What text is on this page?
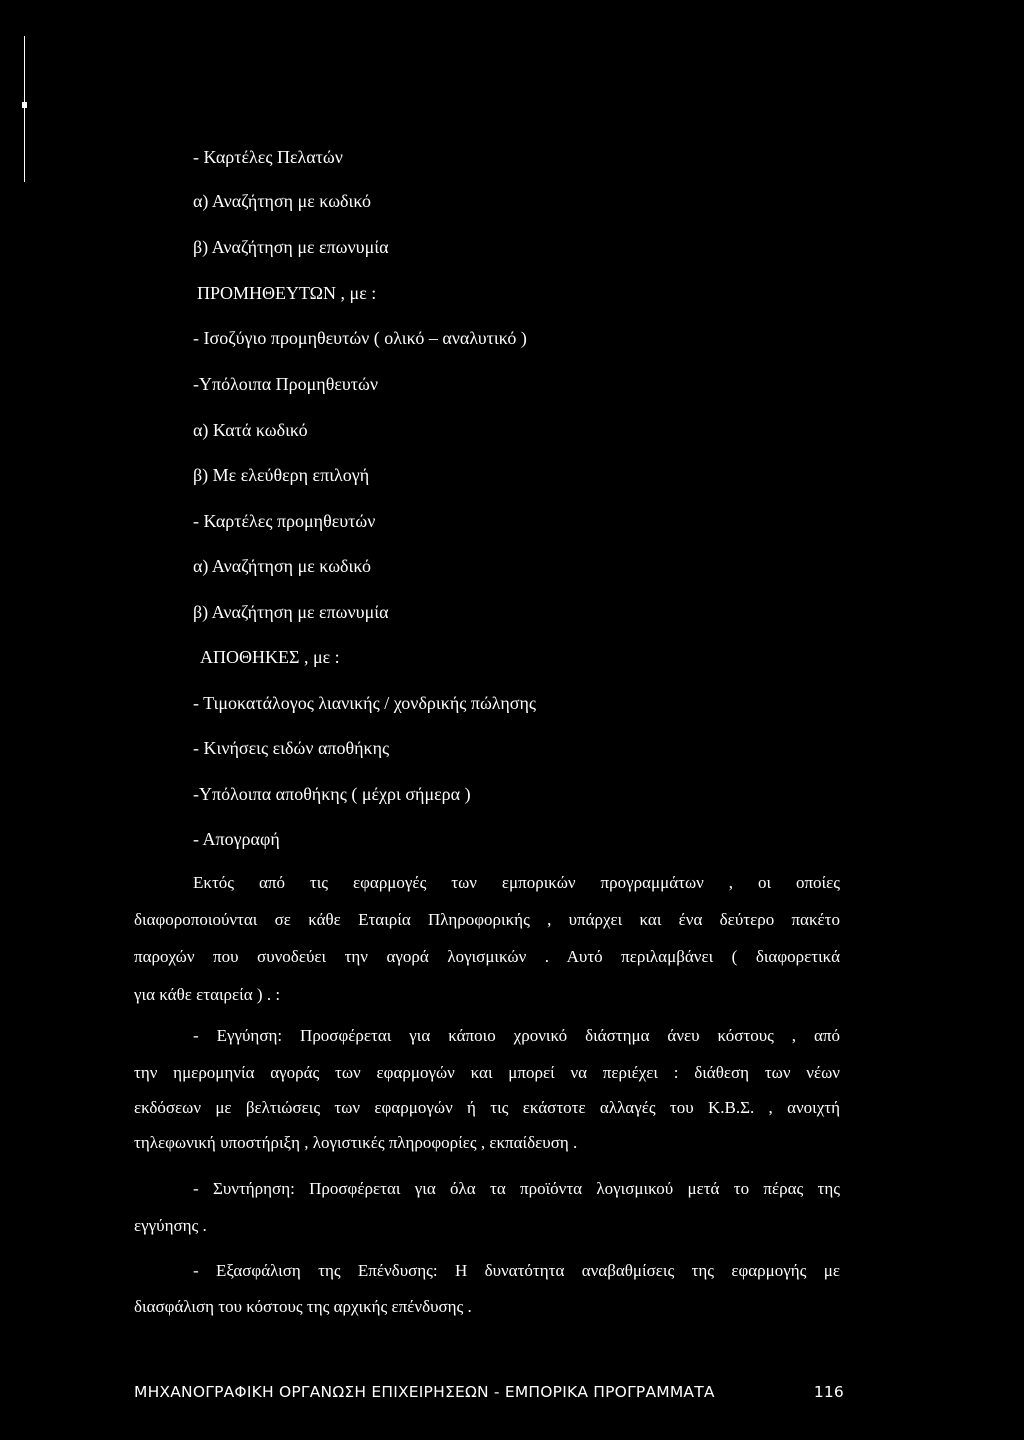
- Καρτέλες Πελατών
α) Αναζήτηση με κωδικό
β) Αναζήτηση με επωνυμία
ΠΡΟΜΗΘΕΥΤΩΝ , με :
- Ισοζύγιο προμηθευτών ( ολικό – αναλυτικό )
-Υπόλοιπα Προμηθευτών
α) Κατά κωδικό
β) Με ελεύθερη επιλογή
- Καρτέλες προμηθευτών
α) Αναζήτηση με κωδικό
β) Αναζήτηση με επωνυμία
ΑΠΟΘΗΚΕΣ , με :
- Τιμοκατάλογος λιανικής / χονδρικής πώλησης
- Κινήσεις ειδών αποθήκης
-Υπόλοιπα αποθήκης ( μέχρι σήμερα )
- Απογραφή
Εκτός από τις εφαρμογές των εμπορικών προγραμμάτων , οι οποίες
διαφοροποιούνται σε κάθε Εταιρία Πληροφορικής , υπάρχει και ένα δεύτερο πακέτο
παροχών που συνοδεύει την αγορά λογισμικών . Αυτό περιλαμβάνει ( διαφορετικά
για κάθε εταιρεία ) . :
- Εγγύηση: Προσφέρεται για κάποιο χρονικό διάστημα άνευ κόστους , από
την ημερομηνία αγοράς των εφαρμογών και μπορεί να περιέχει : διάθεση των νέων
εκδόσεων με βελτιώσεις των εφαρμογών ή τις εκάστοτε αλλαγές του Κ.Β.Σ. , ανοιχτή
τηλεφωνική υποστήριξη , λογιστικές πληροφορίες , εκπαίδευση .
- Συντήρηση: Προσφέρεται για όλα τα προϊόντα λογισμικού μετά το πέρας της
εγγύησης .
- Εξασφάλιση της Επένδυσης: Η δυνατότητα αναβαθμίσεις της εφαρμογής με
διασφάλιση του κόστους της αρχικής επένδυσης .
ΜΗΧΑΝΟΓΡΑΦΙΚΗ ΟΡΓΑΝΩΣΗ ΕΠΙΧΕΙΡΗΣΕΩΝ - ΕΜΠΟΡΙΚΑ ΠΡΟΓΡΑΜΜΑΤΑ	116
